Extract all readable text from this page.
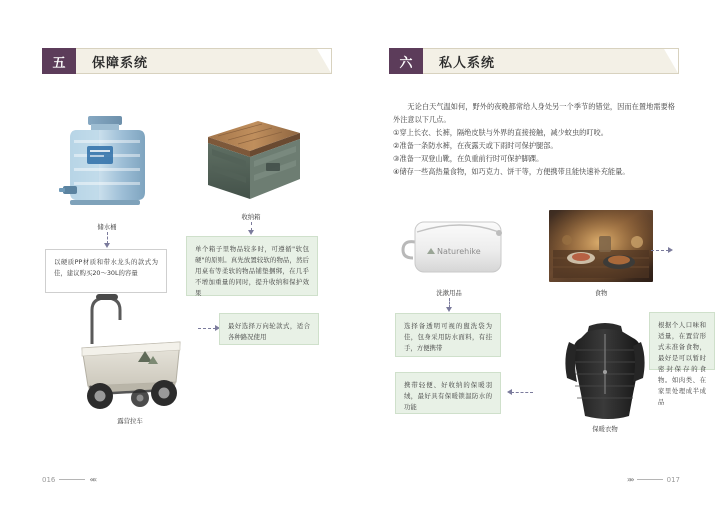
五 保障系统
储水桶
以硬质PP材质和带水龙头的款式为佳，建议购买20～30L的容量
收纳箱
单个箱子里物品较多时，可遵循"软包硬"的原则。真先放置较软的物品，然后用桌布等柔软的物品铺垫捆绑，在几乎不增加重量的同时，提升收纳和保护效果
露营拉车
最好选择万向轮款式，适合各种路况使用
016	««
六 私人系统

无论白天气温如何，野外的夜晚都常给人身处另一个季节的错觉，因而在置地需要格外注意以下几点。

①穿上长衣、长裤，隔绝皮肤与外界的直接接触，减少蚊虫的叮咬。

②准备一条防水裤，在夜露天或下雨时可保护腿部。

③准备一双登山靴，在负重前行时可保护脚踝。

④储存一些高热量食物，如巧克力、饼干等，方便携带且能快速补充能量。

Naturehike
洗漱用品
选择备透明可视的盥洗袋为佳，包身采用防水面料，有挂手，方便携带
食物
根据个人口味和适量，在置营形式未准备食物，最好是可以暂时密封保存的食物。如肉类、在家里处理成半成品
保暖衣物
携带轻便、好收纳的保暖羽绒，最好具有保暖锁温防水的功能
»»	017
